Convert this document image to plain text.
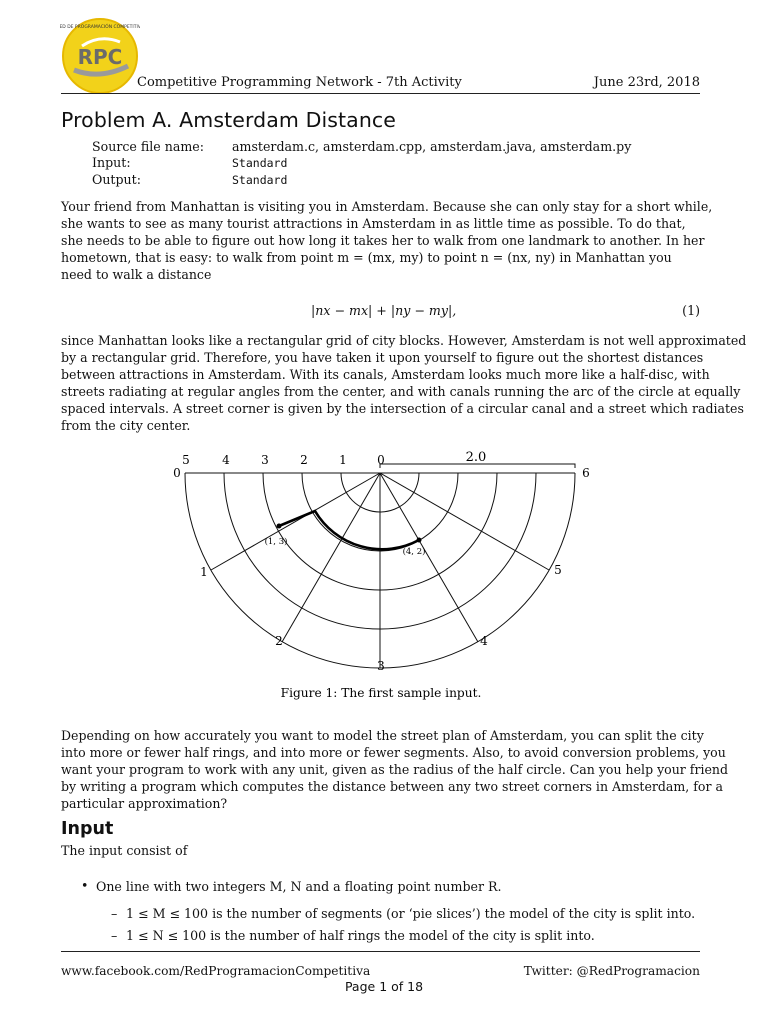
RPC
RED DE PROGRAMACIÓN COMPETITIVA
Competitive Programming Network - 7th Activity	June 23rd, 2018
Problem A. Amsterdam Distance
Source file name: amsterdam.c, amsterdam.cpp, amsterdam.java, amsterdam.py
Input:	Standard
Output:	Standard
Your friend from Manhattan is visiting you in Amsterdam. Because she can only stay for a short while,
she wants to see as many tourist attractions in Amsterdam in as little time as possible. To do that,
she needs to be able to figure out how long it takes her to walk from one landmark to another. In her
hometown, that is easy: to walk from point m = (mx, my) to point n = (nx, ny) in Manhattan you
need to walk a distance
|nx − mx| + |ny − my|,	(1)
since Manhattan looks like a rectangular grid of city blocks. However, Amsterdam is not well approximated
by a rectangular grid. Therefore, you have taken it upon yourself to figure out the shortest distances
between attractions in Amsterdam. With its canals, Amsterdam looks much more like a half-disc, with
streets radiating at regular angles from the center, and with canals running the arc of the circle at equally
spaced intervals. A street corner is given by the intersection of a circular canal and a street which radiates
from the city center.
2.0
5	4	3	2	1	0
0
1
2
3
4
5
6
(1, 3)
(4, 2)
Figure 1: The first sample input.
Depending on how accurately you want to model the street plan of Amsterdam, you can split the city
into more or fewer half rings, and into more or fewer segments. Also, to avoid conversion problems, you
want your program to work with any unit, given as the radius of the half circle. Can you help your friend
by writing a program which computes the distance between any two street corners in Amsterdam, for a
particular approximation?
Input
The input consist of
• One line with two integers M, N and a floating point number R.
– 1 ≤ M ≤ 100 is the number of segments (or ‘pie slices’) the model of the city is split into.
– 1 ≤ N ≤ 100 is the number of half rings the model of the city is split into.
www.facebook.com/RedProgramacionCompetitiva	Twitter: @RedProgramacion
Page 1 of 18
